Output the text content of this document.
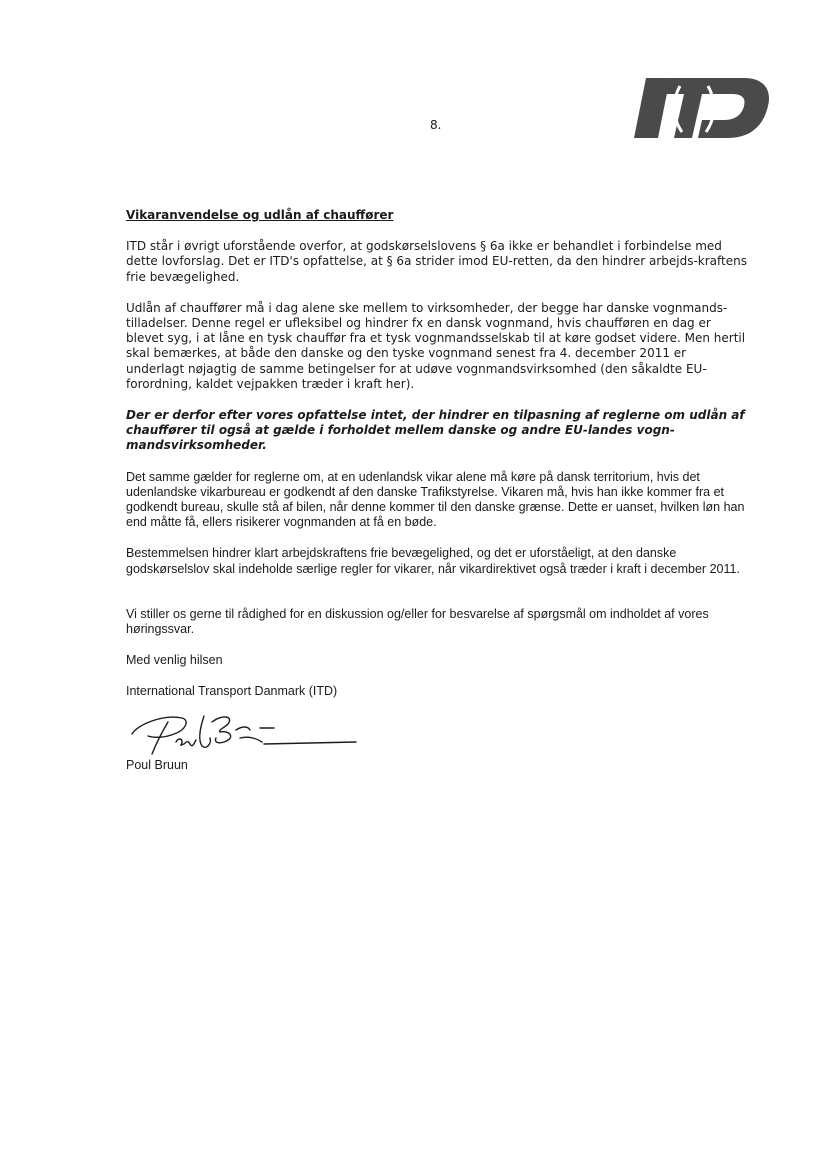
8.

Vikaranvendelse og udlån af chauffører

ITD står i øvrigt uforstående overfor, at godskørselslovens § 6a ikke er behandlet i forbindelse med dette lovforslag. Det er ITD's opfattelse, at § 6a strider imod EU-retten, da den hindrer arbejds-kraftens frie bevægelighed.

Udlån af chauffører må i dag alene ske mellem to virksomheder, der begge har danske vognmands-tilladelser. Denne regel er ufleksibel og hindrer fx en dansk vognmand, hvis chaufføren en dag er blevet syg, i at låne en tysk chauffør fra et tysk vognmandsselskab til at køre godset videre. Men hertil skal bemærkes, at både den danske og den tyske vognmand senest fra 4. december 2011 er underlagt nøjagtig de samme betingelser for at udøve vognmandsvirksomhed (den såkaldte EU-forordning, kaldet vejpakken træder i kraft her).

Der er derfor efter vores opfattelse intet, der hindrer en tilpasning af reglerne om udlån af chauffører til også at gælde i forholdet mellem danske og andre EU-landes vogn-mandsvirksomheder.

Det samme gælder for reglerne om, at en udenlandsk vikar alene må køre på dansk territorium, hvis det udenlandske vikarbureau er godkendt af den danske Trafikstyrelse. Vikaren må, hvis han ikke kommer fra et godkendt bureau, skulle stå af bilen, når denne kommer til den danske grænse. Dette er uanset, hvilken løn han end måtte få, ellers risikerer vognmanden at få en bøde.

Bestemmelsen hindrer klart arbejdskraftens frie bevægelighed, og det er uforståeligt, at den danske godskørselslov skal indeholde særlige regler for vikarer, når vikardirektivet også træder i kraft i december 2011.

Vi stiller os gerne til rådighed for en diskussion og/eller for besvarelse af spørgsmål om indholdet af vores høringssvar.

Med venlig hilsen

International Transport Danmark (ITD)

Poul Bruun
